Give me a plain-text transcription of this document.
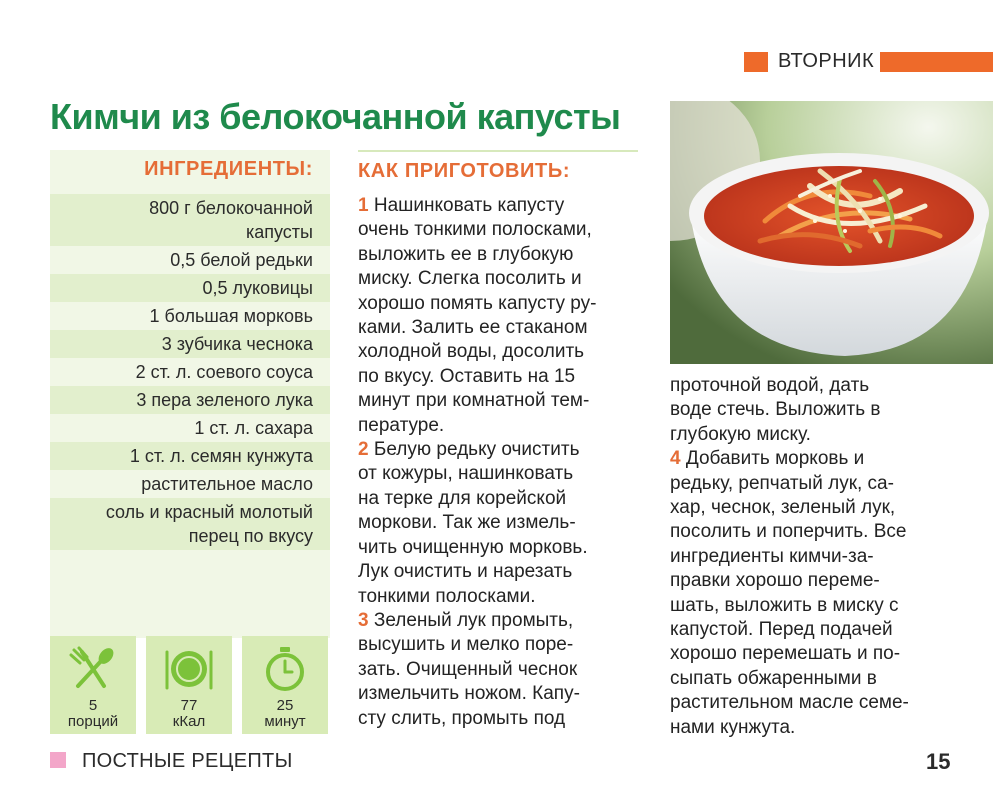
ВТОРНИК
Кимчи из белокочанной капусты
ИНГРЕДИЕНТЫ:
800 г белокочанной
капусты
0,5 белой редьки
0,5 луковицы
1 большая морковь
3 зубчика чеснока
2 ст. л. соевого соуса
3 пера зеленого лука
1 ст. л. сахара
1 ст. л. семян кунжута
растительное масло
соль и красный молотый
перец по вкусу
5
порций
77
кКал
25
минут
КАК ПРИГОТОВИТЬ:
1 Нашинковать капусту
очень тонкими полосками,
выложить ее в глубокую
миску. Слегка посолить и
хорошо помять капусту ру-
ками. Залить ее стаканом
холодной воды, досолить
по вкусу. Оставить на 15
минут при комнатной тем-
пературе.
2 Белую редьку очистить
от кожуры, нашинковать
на терке для корейской
моркови. Так же измель-
чить очищенную морковь.
Лук очистить и нарезать
тонкими полосками.
3 Зеленый лук промыть,
высушить и мелко поре-
зать. Очищенный чеснок
измельчить ножом. Капу-
сту слить, промыть под
проточной водой, дать
воде стечь. Выложить в
глубокую миску.
4 Добавить морковь и
редьку, репчатый лук, са-
хар, чеснок, зеленый лук,
посолить и поперчить. Все
ингредиенты кимчи-за-
правки хорошо переме-
шать, выложить в миску с
капустой. Перед подачей
хорошо перемешать и по-
сыпать обжаренными в
растительном масле семе-
нами кунжута.
ПОСТНЫЕ РЕЦЕПТЫ	15
